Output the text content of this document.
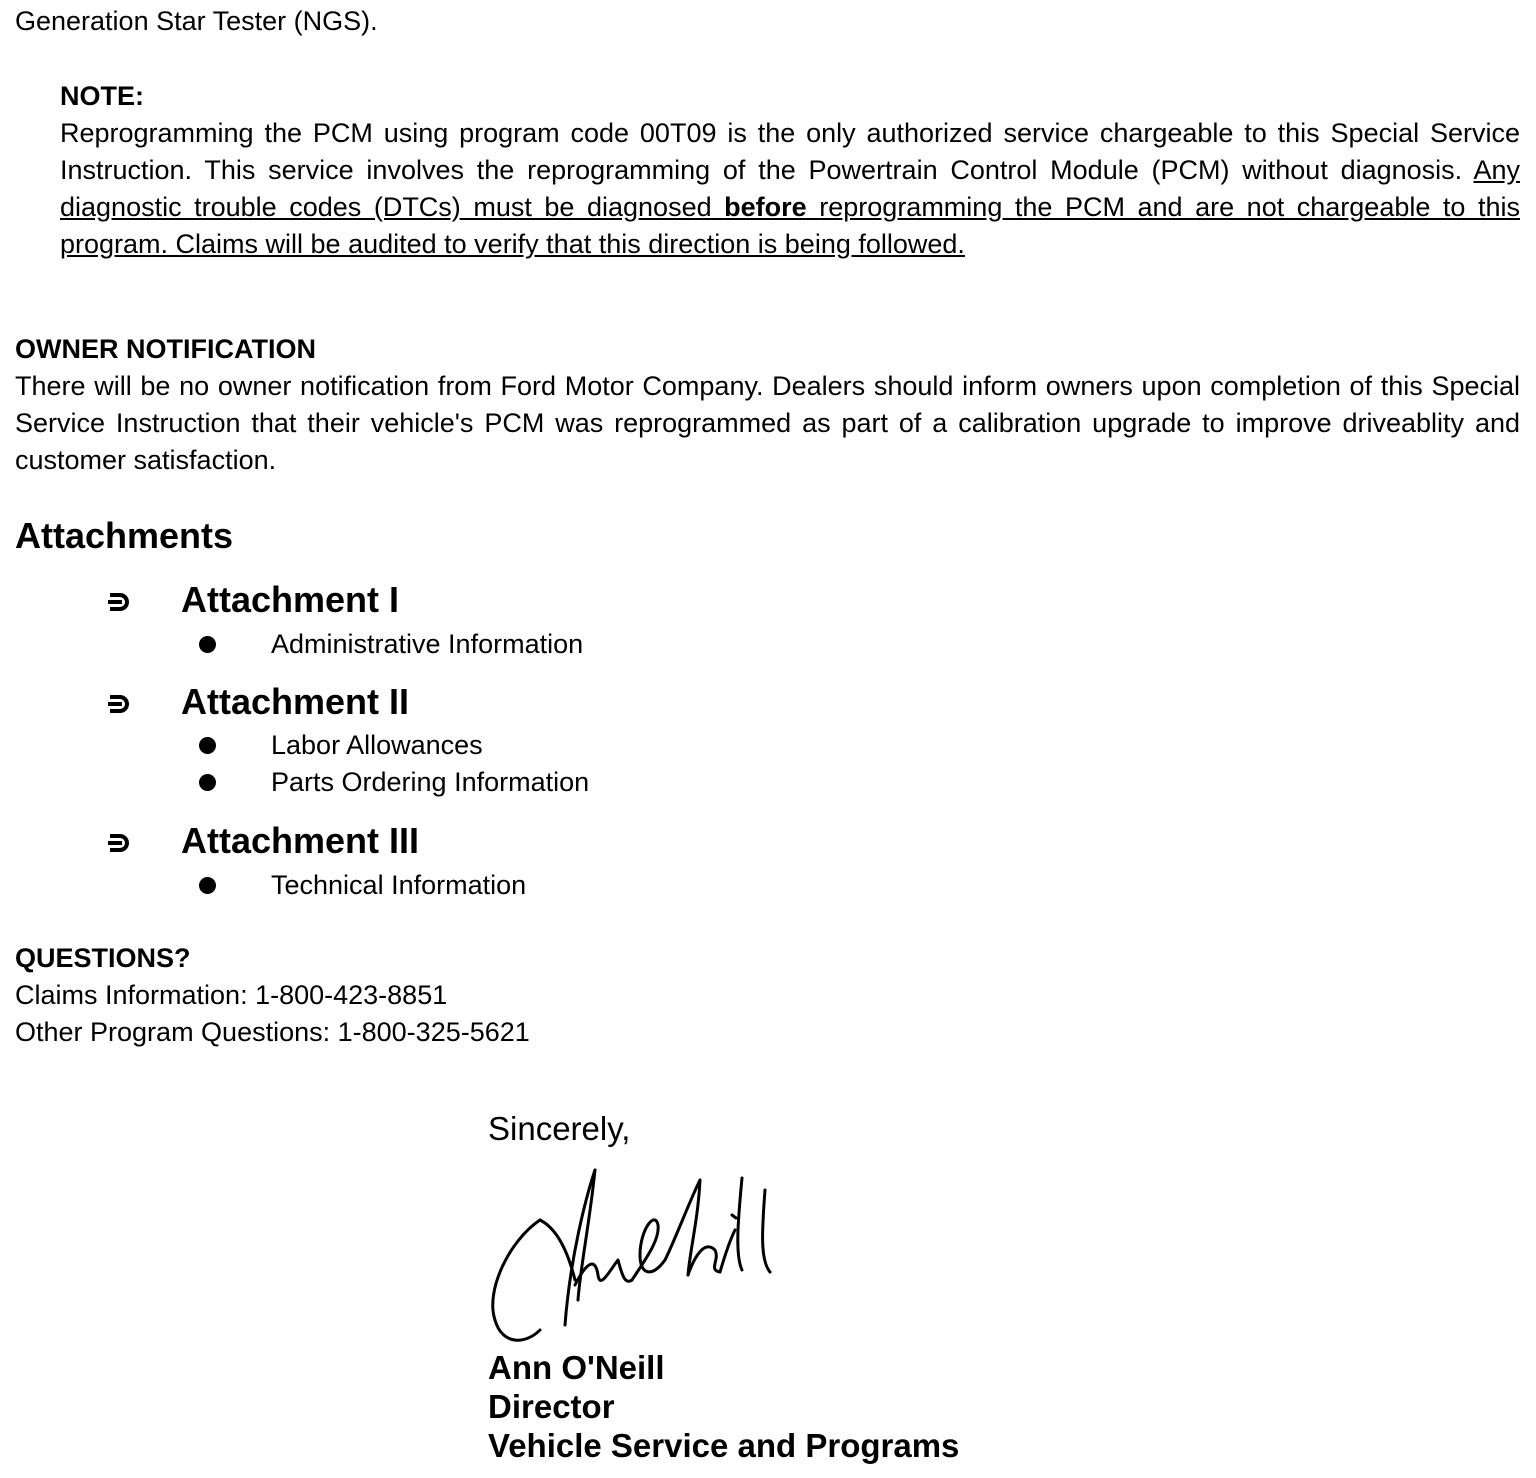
Generation Star Tester (NGS).
NOTE:
Reprogramming the PCM using program code 00T09 is the only authorized service chargeable to this Special Service Instruction. This service involves the reprogramming of the Powertrain Control Module (PCM) without diagnosis. Any diagnostic trouble codes (DTCs) must be diagnosed before reprogramming the PCM and are not chargeable to this program. Claims will be audited to verify that this direction is being followed.
OWNER NOTIFICATION
There will be no owner notification from Ford Motor Company. Dealers should inform owners upon completion of this Special Service Instruction that their vehicle's PCM was reprogrammed as part of a calibration upgrade to improve driveablity and customer satisfaction.
Attachments
Attachment I
Administrative Information
Attachment II
Labor Allowances
Parts Ordering Information
Attachment III
Technical Information
QUESTIONS?
Claims Information: 1-800-423-8851
Other Program Questions: 1-800-325-5621
Sincerely,
Ann O'Neill
Director
Vehicle Service and Programs
